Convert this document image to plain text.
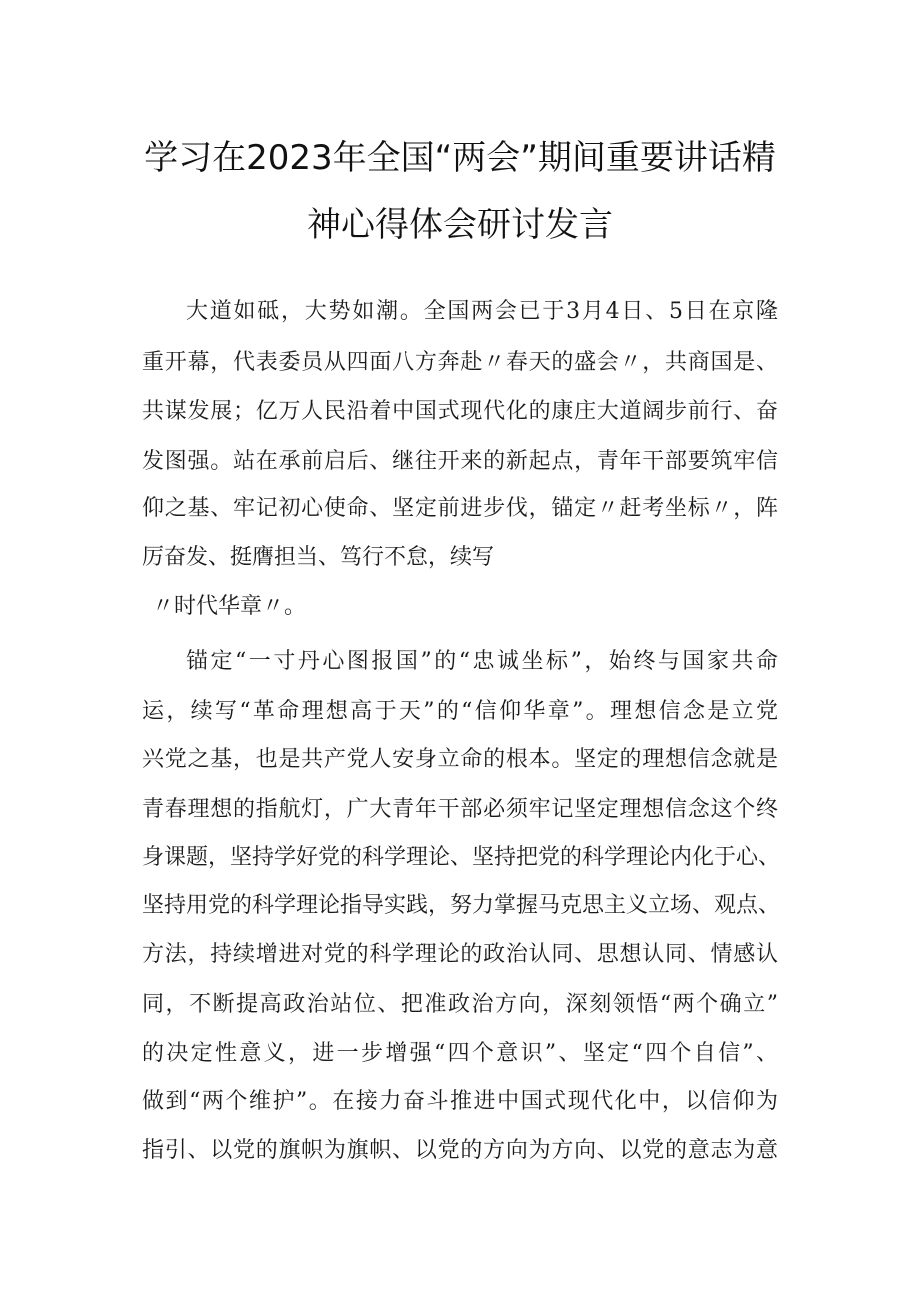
学习在2023年全国“两会”期间重要讲话精
神心得体会研讨发言
大道如砥，大势如潮。全国两会已于3月4日、5日在京隆
重开幕，代表委员从四面八方奔赴〃春天的盛会〃，共商国是、
共谋发展；亿万人民沿着中国式现代化的康庄大道阔步前行、奋
发图强。站在承前启后、继往开来的新起点，青年干部要筑牢信
仰之基、牢记初心使命、坚定前进步伐，锚定〃赶考坐标〃，阵
厉奋发、挺膺担当、笃行不怠，续写
〃时代华章〃。
锚定“一寸丹心图报国”的“忠诚坐标”，始终与国家共命
运，续写“革命理想高于天”的“信仰华章”。理想信念是立党
兴党之基，也是共产党人安身立命的根本。坚定的理想信念就是
青春理想的指航灯，广大青年干部必须牢记坚定理想信念这个终
身课题，坚持学好党的科学理论、坚持把党的科学理论内化于心、
坚持用党的科学理论指导实践，努力掌握马克思主义立场、观点、
方法，持续增进对党的科学理论的政治认同、思想认同、情感认
同，不断提高政治站位、把准政治方向，深刻领悟“两个确立”
的决定性意义，进一步增强“四个意识”、坚定“四个自信”、
做到“两个维护”。在接力奋斗推进中国式现代化中，以信仰为
指引、以党的旗帜为旗帜、以党的方向为方向、以党的意志为意
